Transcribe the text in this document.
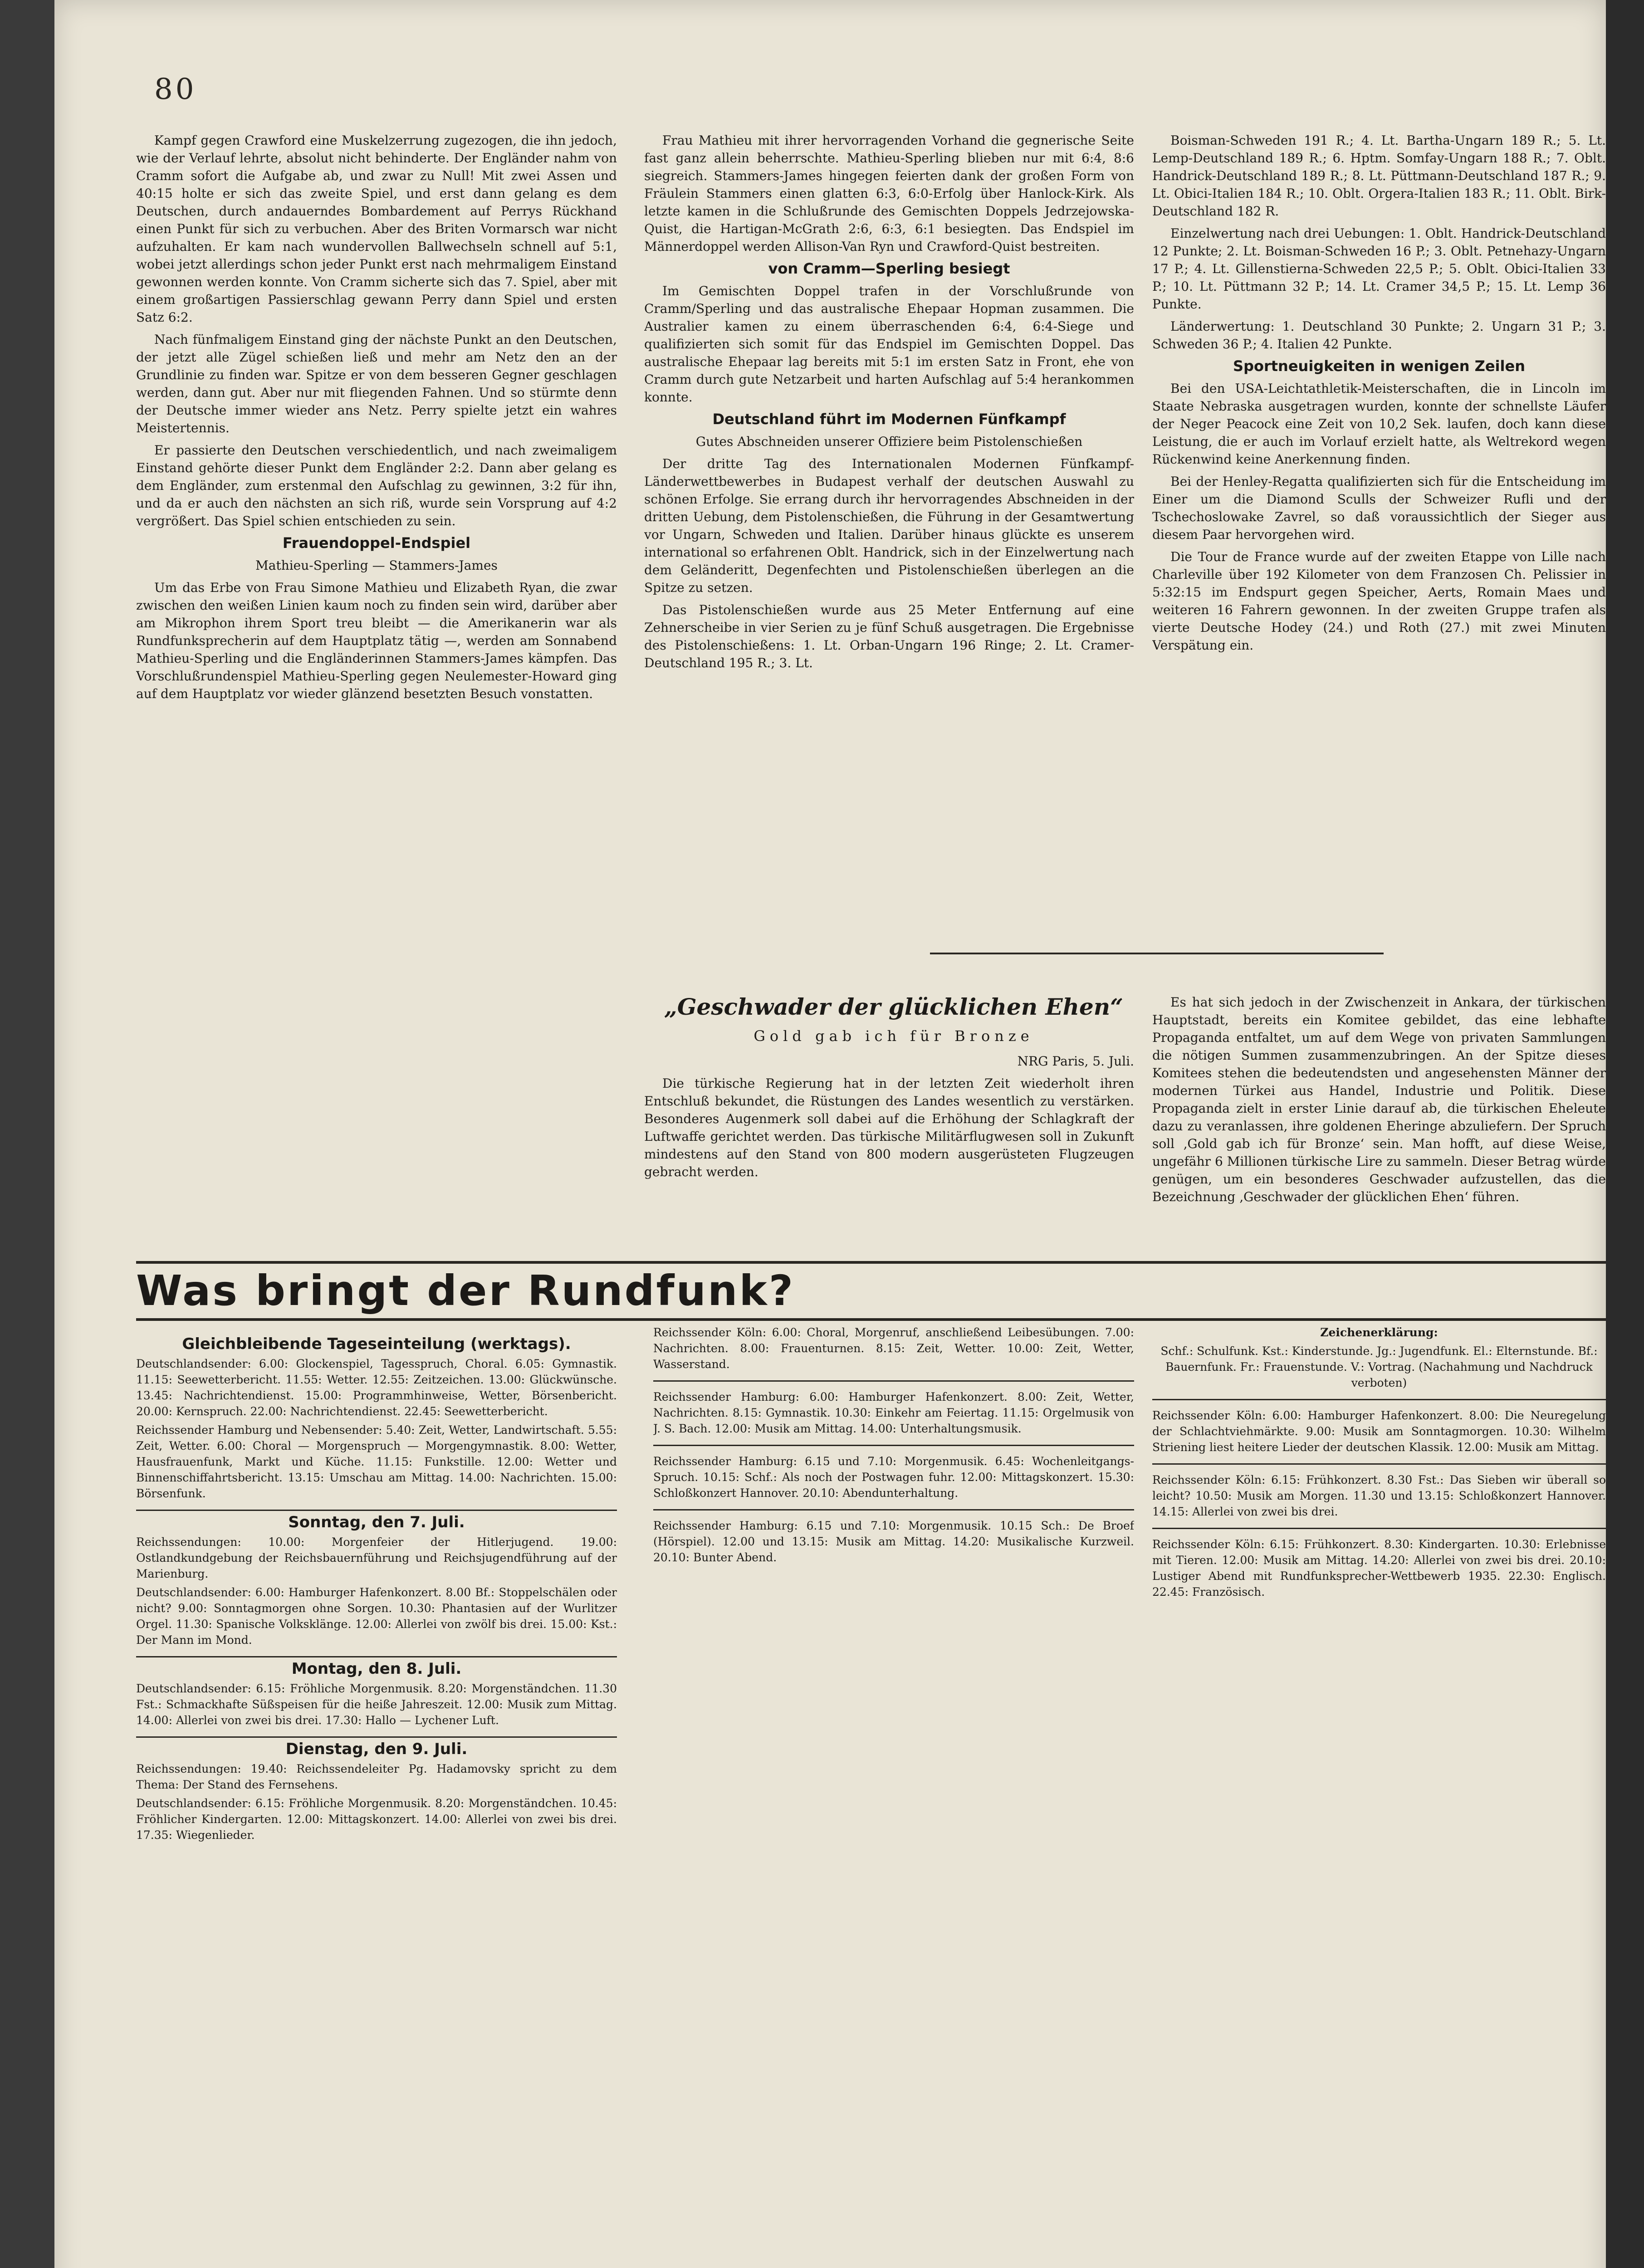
80

Kampf gegen Crawford eine Muskelzerrung zugezogen, die ihn jedoch, wie der Verlauf lehrte, absolut nicht behinderte. Der Engländer nahm von Cramm sofort die Aufgabe ab, und zwar zu Null! Mit zwei Assen und 40:15 holte er sich das zweite Spiel, und erst dann gelang es dem Deutschen, durch andauerndes Bombardement auf Perrys Rückhand einen Punkt für sich zu verbuchen. Aber des Briten Vormarsch war nicht aufzuhalten. Er kam nach wundervollen Ballwechseln schnell auf 5:1, wobei jetzt allerdings schon jeder Punkt erst nach mehrmaligem Einstand gewonnen werden konnte. Von Cramm sicherte sich das 7. Spiel, aber mit einem großartigen Passierschlag gewann Perry dann Spiel und ersten Satz 6:2.

Nach fünfmaligem Einstand ging der nächste Punkt an den Deutschen, der jetzt alle Zügel schießen ließ und mehr am Netz den an der Grundlinie zu finden war. Spitze er von dem besseren Gegner geschlagen werden, dann gut. Aber nur mit fliegenden Fahnen. Und so stürmte denn der Deutsche immer wieder ans Netz. Perry spielte jetzt ein wahres Meistertennis.

Er passierte den Deutschen verschiedentlich, und nach zweimaligem Einstand gehörte dieser Punkt dem Engländer 2:2. Dann aber gelang es dem Engländer, zum erstenmal den Aufschlag zu gewinnen, 3:2 für ihn, und da er auch den nächsten an sich riß, wurde sein Vorsprung auf 4:2 vergrößert. Das Spiel schien entschieden zu sein.

Frauendoppel-Endspiel

Mathieu-Sperling — Stammers-James

Um das Erbe von Frau Simone Mathieu und Elizabeth Ryan, die zwar zwischen den weißen Linien kaum noch zu finden sein wird, darüber aber am Mikrophon ihrem Sport treu bleibt — die Amerikanerin war als Rundfunksprecherin auf dem Hauptplatz tätig —, werden am Sonnabend Mathieu-Sperling und die Engländerinnen Stammers-James kämpfen. Das Vorschlußrundenspiel Mathieu-Sperling gegen Neulemester-Howard ging auf dem Hauptplatz vor wieder glänzend besetzten Besuch vonstatten.

Frau Mathieu mit ihrer hervorragenden Vorhand die gegnerische Seite fast ganz allein beherrschte. Mathieu-Sperling blieben nur mit 6:4, 8:6 siegreich. Stammers-James hingegen feierten dank der großen Form von Fräulein Stammers einen glatten 6:3, 6:0-Erfolg über Hanlock-Kirk. Als letzte kamen in die Schlußrunde des Gemischten Doppels Jedrzejowska-Quist, die Hartigan-McGrath 2:6, 6:3, 6:1 besiegten. Das Endspiel im Männerdoppel werden Allison-Van Ryn und Crawford-Quist bestreiten.

von Cramm—Sperling besiegt

Im Gemischten Doppel trafen in der Vorschlußrunde von Cramm/Sperling und das australische Ehepaar Hopman zusammen. Die Australier kamen zu einem überraschenden 6:4, 6:4-Siege und qualifizierten sich somit für das Endspiel im Gemischten Doppel. Das australische Ehepaar lag bereits mit 5:1 im ersten Satz in Front, ehe von Cramm durch gute Netzarbeit und harten Aufschlag auf 5:4 herankommen konnte.

Deutschland führt im Modernen Fünfkampf

Gutes Abschneiden unserer Offiziere beim Pistolenschießen

Der dritte Tag des Internationalen Modernen Fünfkampf-Länderwettbewerbes in Budapest verhalf der deutschen Auswahl zu schönen Erfolge. Sie errang durch ihr hervorragendes Abschneiden in der dritten Uebung, dem Pistolenschießen, die Führung in der Gesamtwertung vor Ungarn, Schweden und Italien. Darüber hinaus glückte es unserem international so erfahrenen Oblt. Handrick, sich in der Einzelwertung nach dem Geländeritt, Degenfechten und Pistolenschießen überlegen an die Spitze zu setzen.

Das Pistolenschießen wurde aus 25 Meter Entfernung auf eine Zehnerscheibe in vier Serien zu je fünf Schuß ausgetragen. Die Ergebnisse des Pistolenschießens: 1. Lt. Orban-Ungarn 196 Ringe; 2. Lt. Cramer-Deutschland 195 R.; 3. Lt.

Boisman-Schweden 191 R.; 4. Lt. Bartha-Ungarn 189 R.; 5. Lt. Lemp-Deutschland 189 R.; 6. Hptm. Somfay-Ungarn 188 R.; 7. Oblt. Handrick-Deutschland 189 R.; 8. Lt. Püttmann-Deutschland 187 R.; 9. Lt. Obici-Italien 184 R.; 10. Oblt. Orgera-Italien 183 R.; 11. Oblt. Birk-Deutschland 182 R.

Einzelwertung nach drei Uebungen: 1. Oblt. Handrick-Deutschland 12 Punkte; 2. Lt. Boisman-Schweden 16 P.; 3. Oblt. Petnehazy-Ungarn 17 P.; 4. Lt. Gillenstierna-Schweden 22,5 P.; 5. Oblt. Obici-Italien 33 P.; 10. Lt. Püttmann 32 P.; 14. Lt. Cramer 34,5 P.; 15. Lt. Lemp 36 Punkte.

Länderwertung: 1. Deutschland 30 Punkte; 2. Ungarn 31 P.; 3. Schweden 36 P.; 4. Italien 42 Punkte.

Sportneuigkeiten in wenigen Zeilen

Bei den USA-Leichtathletik-Meisterschaften, die in Lincoln im Staate Nebraska ausgetragen wurden, konnte der schnellste Läufer der Neger Peacock eine Zeit von 10,2 Sek. laufen, doch kann diese Leistung, die er auch im Vorlauf erzielt hatte, als Weltrekord wegen Rückenwind keine Anerkennung finden.

Bei der Henley-Regatta qualifizierten sich für die Entscheidung im Einer um die Diamond Sculls der Schweizer Rufli und der Tschechoslowake Zavrel, so daß voraussichtlich der Sieger aus diesem Paar hervorgehen wird.

Die Tour de France wurde auf der zweiten Etappe von Lille nach Charleville über 192 Kilometer von dem Franzosen Ch. Pelissier in 5:32:15 im Endspurt gegen Speicher, Aerts, Romain Maes und weiteren 16 Fahrern gewonnen. In der zweiten Gruppe trafen als vierte Deutsche Hodey (24.) und Roth (27.) mit zwei Minuten Verspätung ein.

„Geschwader der glücklichen Ehen“
Gold gab ich für Bronze

NRG Paris, 5. Juli.

Die türkische Regierung hat in der letzten Zeit wiederholt ihren Entschluß bekundet, die Rüstungen des Landes wesentlich zu verstärken. Besonderes Augenmerk soll dabei auf die Erhöhung der Schlagkraft der Luftwaffe gerichtet werden. Das türkische Militärflugwesen soll in Zukunft mindestens auf den Stand von 800 modern ausgerüsteten Flugzeugen gebracht werden.

Es hat sich jedoch in der Zwischenzeit in Ankara, der türkischen Hauptstadt, bereits ein Komitee gebildet, das eine lebhafte Propaganda entfaltet, um auf dem Wege von privaten Sammlungen die nötigen Summen zusammenzubringen. An der Spitze dieses Komitees stehen die bedeutendsten und angesehensten Männer der modernen Türkei aus Handel, Industrie und Politik. Diese Propaganda zielt in erster Linie darauf ab, die türkischen Eheleute dazu zu veranlassen, ihre goldenen Eheringe abzuliefern. Der Spruch soll ‚Gold gab ich für Bronze‘ sein. Man hofft, auf diese Weise, ungefähr 6 Millionen türkische Lire zu sammeln. Dieser Betrag würde genügen, um ein besonderes Geschwader aufzustellen, das die Bezeichnung ‚Geschwader der glücklichen Ehen‘ führen.

Was bringt der Rundfunk?
Gleichbleibende Tageseinteilung (werktags).

Deutschlandsender: 6.00: Glockenspiel, Tagesspruch, Choral. 6.05: Gymnastik. 11.15: Seewetterbericht. 11.55: Wetter. 12.55: Zeitzeichen. 13.00: Glückwünsche. 13.45: Nachrichtendienst. 15.00: Programmhinweise, Wetter, Börsenbericht. 20.00: Kernspruch. 22.00: Nachrichtendienst. 22.45: Seewetterbericht.

Reichssender Hamburg und Nebensender: 5.40: Zeit, Wetter, Landwirtschaft. 5.55: Zeit, Wetter. 6.00: Choral — Morgenspruch — Morgengymnastik. 8.00: Wetter, Hausfrauenfunk, Markt und Küche. 11.15: Funkstille. 12.00: Wetter und Binnenschiffahrtsbericht. 13.15: Umschau am Mittag. 14.00: Nachrichten. 15.00: Börsenfunk.

Sonntag, den 7. Juli.

Reichssendungen: 10.00: Morgenfeier der Hitlerjugend. 19.00: Ostlandkundgebung der Reichsbauernführung und Reichsjugendführung auf der Marienburg.

Deutschlandsender: 6.00: Hamburger Hafenkonzert. 8.00 Bf.: Stoppelschälen oder nicht? 9.00: Sonntagmorgen ohne Sorgen. 10.30: Phantasien auf der Wurlitzer Orgel. 11.30: Spanische Volksklänge. 12.00: Allerlei von zwölf bis drei. 15.00: Kst.: Der Mann im Mond.

Montag, den 8. Juli.

Deutschlandsender: 6.15: Fröhliche Morgenmusik. 8.20: Morgenständchen. 11.30 Fst.: Schmackhafte Süßspeisen für die heiße Jahreszeit. 12.00: Musik zum Mittag. 14.00: Allerlei von zwei bis drei. 17.30: Hallo — Lychener Luft.

Dienstag, den 9. Juli.

Reichssendungen: 19.40: Reichssendeleiter Pg. Hadamovsky spricht zu dem Thema: Der Stand des Fernsehens.

Deutschlandsender: 6.15: Fröhliche Morgenmusik. 8.20: Morgenständchen. 10.45: Fröhlicher Kindergarten. 12.00: Mittagskonzert. 14.00: Allerlei von zwei bis drei. 17.35: Wiegenlieder.

Reichssender Köln: 6.00: Choral, Morgenruf, anschließend Leibesübungen. 7.00: Nachrichten. 8.00: Frauenturnen. 8.15: Zeit, Wetter. 10.00: Zeit, Wetter, Wasserstand.

Reichssender Hamburg: 6.00: Hamburger Hafenkonzert. 8.00: Zeit, Wetter, Nachrichten. 8.15: Gymnastik. 10.30: Einkehr am Feiertag. 11.15: Orgelmusik von J. S. Bach. 12.00: Musik am Mittag. 14.00: Unterhaltungsmusik.

Reichssender Hamburg: 6.15 und 7.10: Morgenmusik. 6.45: Wochenleitgangs-Spruch. 10.15: Schf.: Als noch der Postwagen fuhr. 12.00: Mittagskonzert. 15.30: Schloßkonzert Hannover. 20.10: Abendunterhaltung.

Reichssender Hamburg: 6.15 und 7.10: Morgenmusik. 10.15 Sch.: De Broef (Hörspiel). 12.00 und 13.15: Musik am Mittag. 14.20: Musikalische Kurzweil. 20.10: Bunter Abend.

Zeichenerklärung:

Schf.: Schulfunk. Kst.: Kinderstunde. Jg.: Jugendfunk. El.: Elternstunde. Bf.: Bauernfunk. Fr.: Frauenstunde. V.: Vortrag. (Nachahmung und Nachdruck verboten)

Reichssender Köln: 6.00: Hamburger Hafenkonzert. 8.00: Die Neuregelung der Schlachtviehmärkte. 9.00: Musik am Sonntagmorgen. 10.30: Wilhelm Striening liest heitere Lieder der deutschen Klassik. 12.00: Musik am Mittag.

Reichssender Köln: 6.15: Frühkonzert. 8.30 Fst.: Das Sieben wir überall so leicht? 10.50: Musik am Morgen. 11.30 und 13.15: Schloßkonzert Hannover. 14.15: Allerlei von zwei bis drei.

Reichssender Köln: 6.15: Frühkonzert. 8.30: Kindergarten. 10.30: Erlebnisse mit Tieren. 12.00: Musik am Mittag. 14.20: Allerlei von zwei bis drei. 20.10: Lustiger Abend mit Rundfunksprecher-Wettbewerb 1935. 22.30: Englisch. 22.45: Französisch.
